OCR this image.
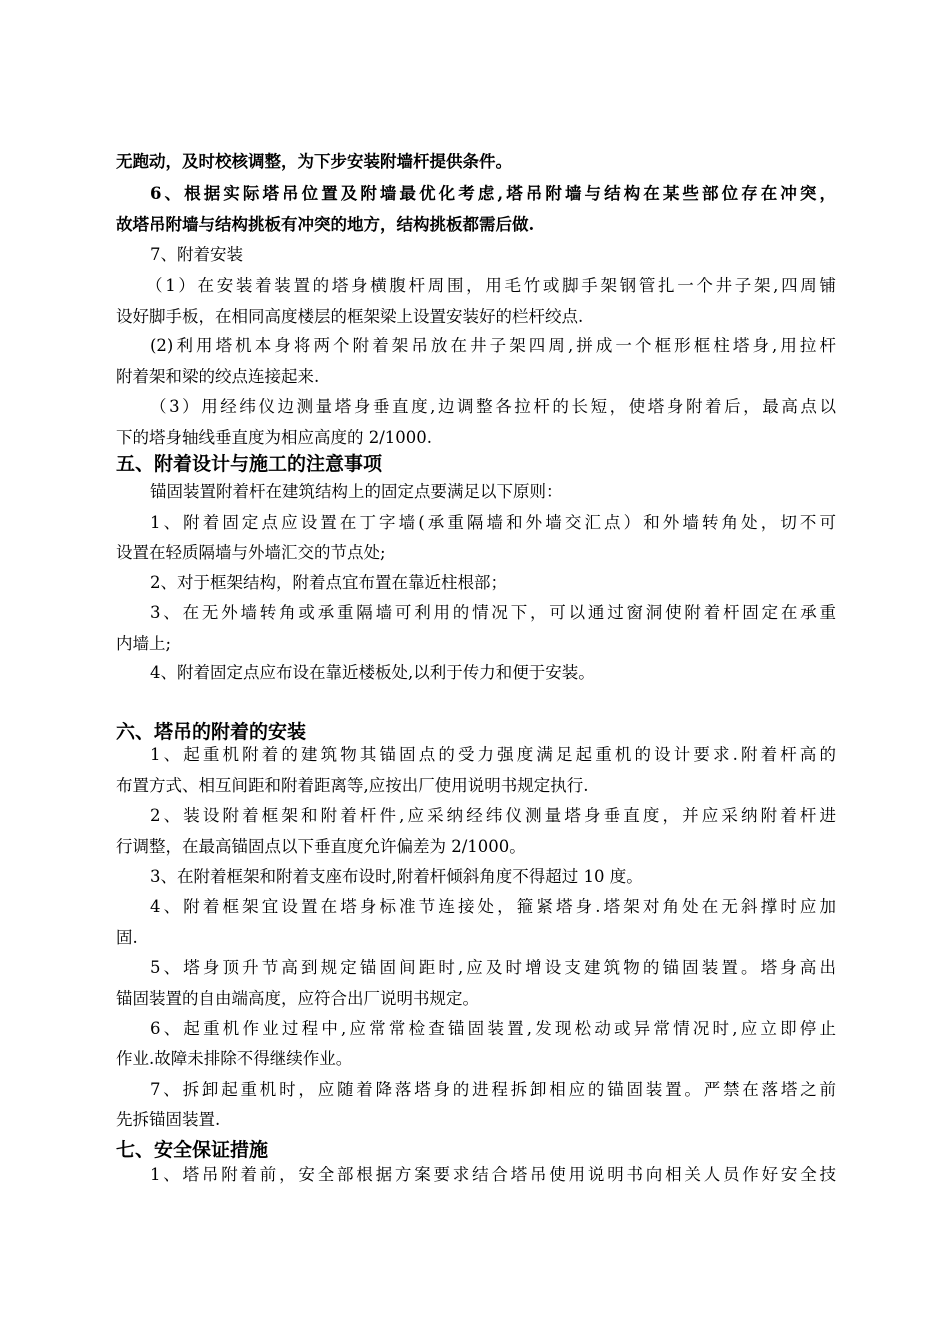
无跑动，及时校核调整，为下步安装附墙杆提供条件。
6、根据实际塔吊位置及附墙最优化考虑,塔吊附墙与结构在某些部位存在冲突，
故塔吊附墙与结构挑板有冲突的地方，结构挑板都需后做.
7、附着安装
（1）在安装着装置的塔身横腹杆周围，用毛竹或脚手架钢管扎一个井子架,四周铺
设好脚手板，在相同高度楼层的框架梁上设置安装好的栏杆绞点.
(2)利用塔机本身将两个附着架吊放在井子架四周,拼成一个框形框柱塔身,用拉杆
附着架和梁的绞点连接起来.
（3）用经纬仪边测量塔身垂直度,边调整各拉杆的长短，使塔身附着后，最高点以
下的塔身轴线垂直度为相应高度的 2/1000.
五、附着设计与施工的注意事项
锚固装置附着杆在建筑结构上的固定点要满足以下原则：
1、附着固定点应设置在丁字墙(承重隔墙和外墙交汇点）和外墙转角处，切不可
设置在轻质隔墙与外墙汇交的节点处;
2、对于框架结构，附着点宜布置在靠近柱根部；
3、在无外墙转角或承重隔墙可利用的情况下，可以通过窗洞使附着杆固定在承重
内墙上;
4、附着固定点应布设在靠近楼板处,以利于传力和便于安装。
六、塔吊的附着的安装
1、起重机附着的建筑物其锚固点的受力强度满足起重机的设计要求.附着杆高的
布置方式、相互间距和附着距离等,应按出厂使用说明书规定执行.
2、装设附着框架和附着杆件,应采纳经纬仪测量塔身垂直度，并应采纳附着杆进
行调整，在最高锚固点以下垂直度允许偏差为 2/1000。
3、在附着框架和附着支座布设时,附着杆倾斜角度不得超过 10 度。
4、附着框架宜设置在塔身标准节连接处，箍紧塔身.塔架对角处在无斜撑时应加
固.
5、塔身顶升节高到规定锚固间距时,应及时增设支建筑物的锚固装置。塔身高出
锚固装置的自由端高度，应符合出厂说明书规定。
6、起重机作业过程中,应常常检查锚固装置,发现松动或异常情况时,应立即停止
作业.故障未排除不得继续作业。
7、拆卸起重机时，应随着降落塔身的进程拆卸相应的锚固装置。严禁在落塔之前
先拆锚固装置.
七、安全保证措施
1、塔吊附着前，安全部根据方案要求结合塔吊使用说明书向相关人员作好安全技
